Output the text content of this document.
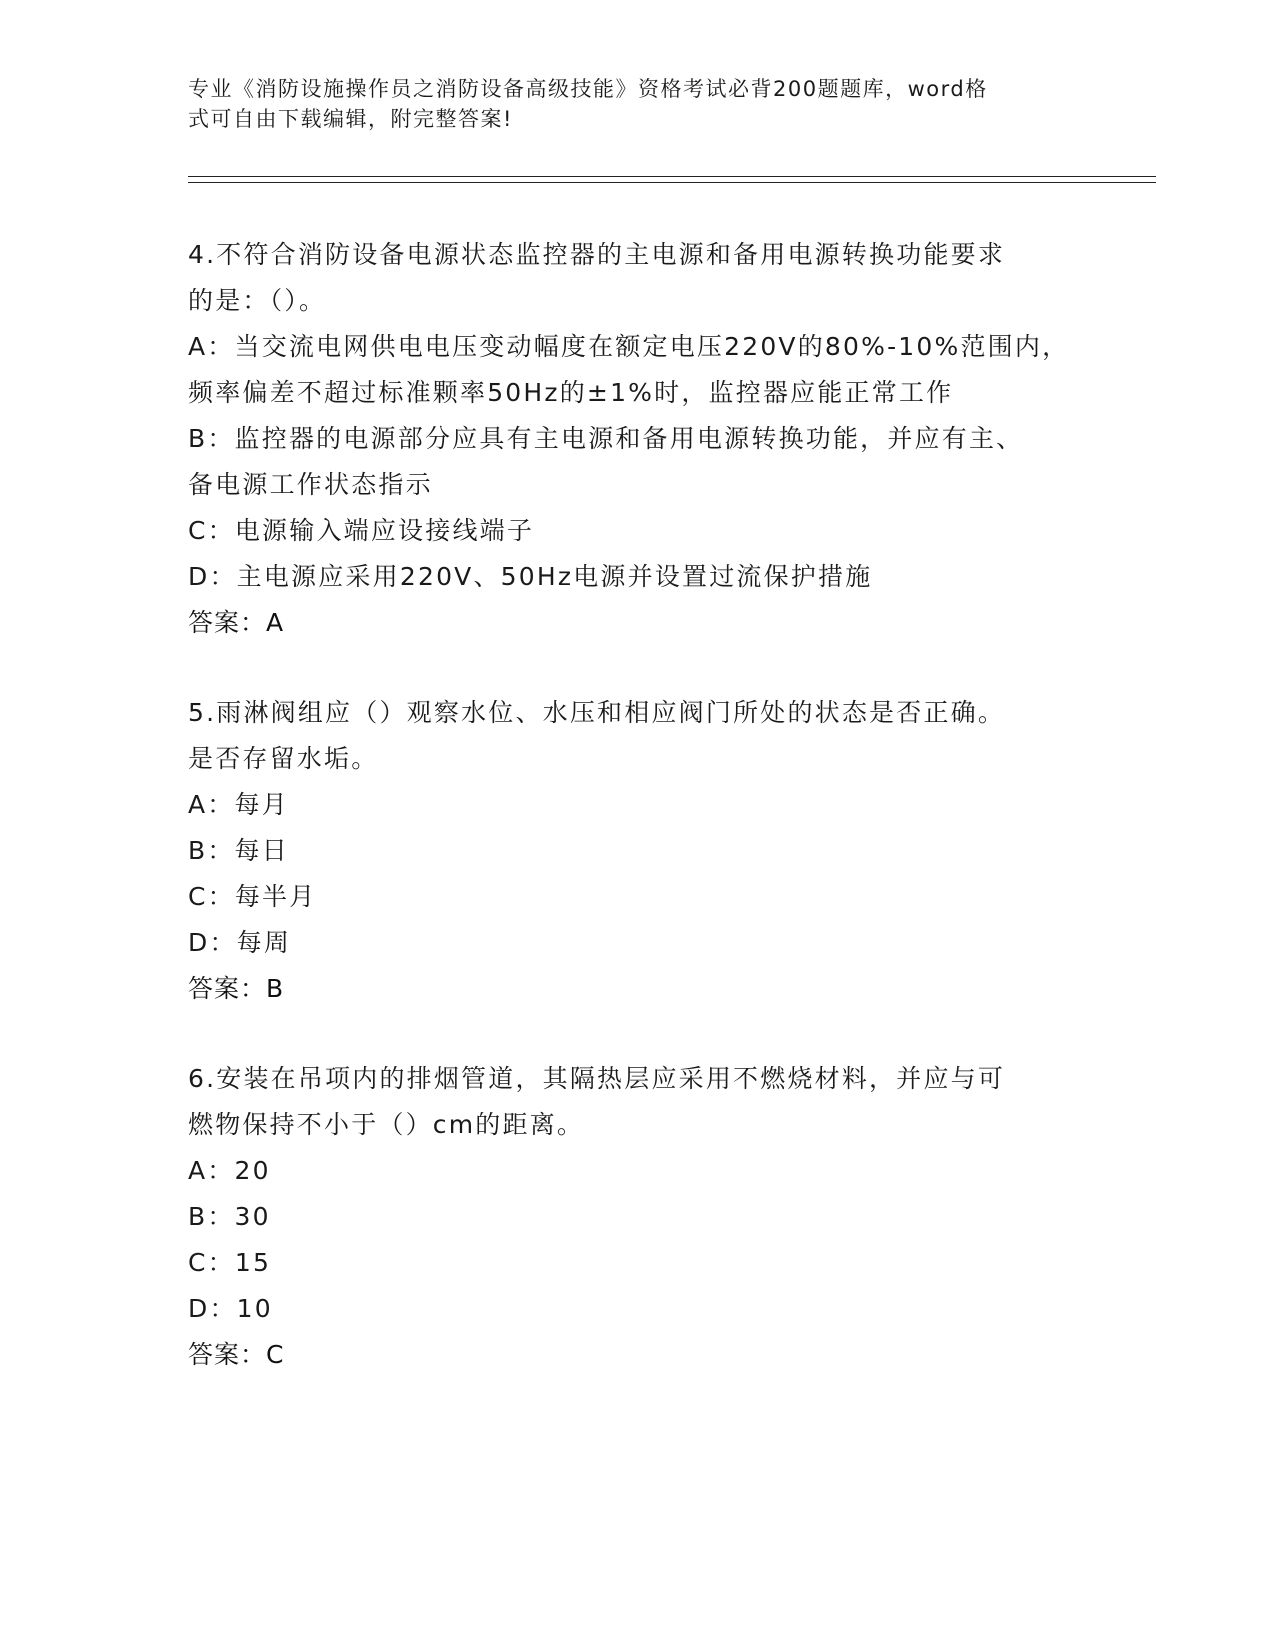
专业《消防设施操作员之消防设备高级技能》资格考试必背200题题库，word格
式可自由下载编辑，附完整答案!
4.不符合消防设备电源状态监控器的主电源和备用电源转换功能要求
的是：（）。
A：当交流电网供电电压变动幅度在额定电压220V的80%-10%范围内，
频率偏差不超过标准颗率50Hz的±1%时，监控器应能正常工作
B：监控器的电源部分应具有主电源和备用电源转换功能，并应有主、
备电源工作状态指示
C：电源输入端应设接线端子
D：主电源应采用220V、50Hz电源并设置过流保护措施
答案：A
5.雨淋阀组应（）观察水位、水压和相应阀门所处的状态是否正确。
是否存留水垢。
A：每月
B：每日
C：每半月
D：每周
答案：B
6.安装在吊项内的排烟管道，其隔热层应采用不燃烧材料，并应与可
燃物保持不小于（）cm的距离。
A：20
B：30
C：15
D：10
答案：C
